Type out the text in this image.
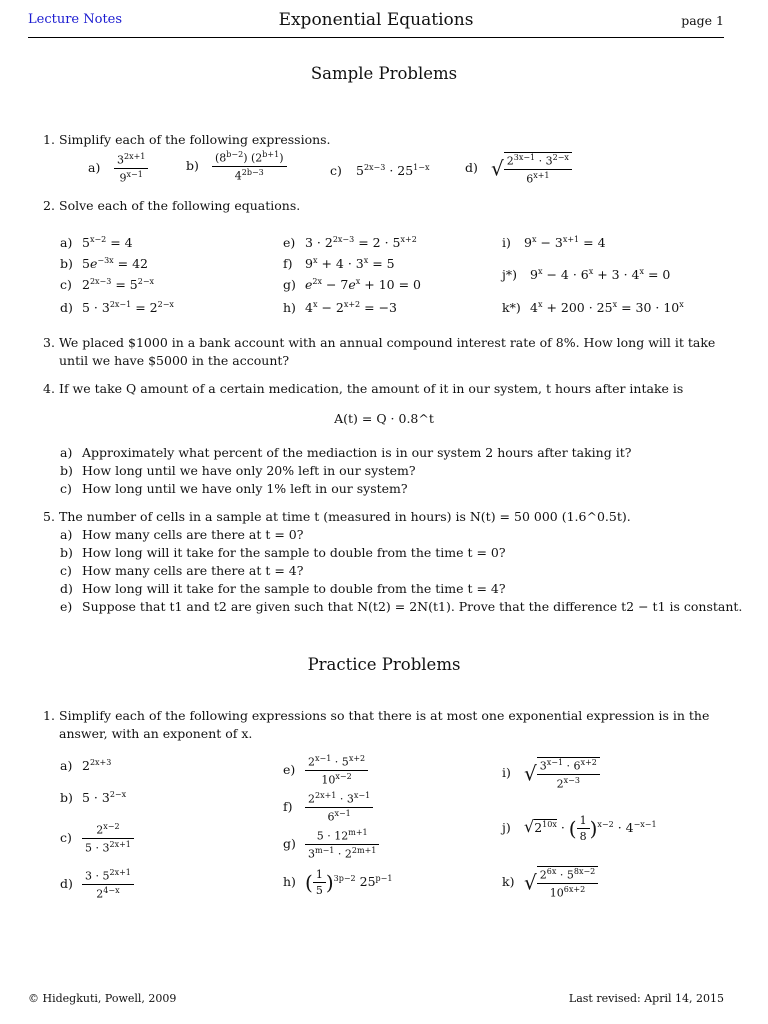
Lecture Notes	Exponential Equations	page 1
Sample Problems
1. Simplify each of the following expressions.
$a) \frac{3^{2x+1}}{9^{x-1}}$	$b) \frac{(8^{b-2}) (2^{b+1})}{4^{2b-3}}$	c) $5^{2x-3} \cdot 25^{1-x}$	d) √ $\frac{2^{3x-1} \cdot 3^{2-x}}{6^{x+1}}$
2. Solve each of the following equations.
a) $5^{x-2} = 4$
b) $5e^{-3x} = 42$
c) $2^{2x-3} = 5^{2-x}$
d) $5 \cdot 3^{2x-1} = 2^{2-x}$
e) $3 \cdot 2^{2x-3} = 2 \cdot 5^{x+2}$
f) $9^x + 4 \cdot 3^x = 5$
g) $e^{2x} - 7e^x + 10 = 0$
h) $4^x - 2^{x+2} = -3$
i) $9^x - 3^{x+1} = 4$
j*) $9^x - 4 \cdot 6^x + 3 \cdot 4^x = 0$
k*) $4^x + 200 \cdot 25^x = 30 \cdot 10^x$
3. We placed $1000 in a bank account with an annual compound interest rate of 8%. How long will it take until we have $5000 in the account?
4. If we take Q amount of a certain medication, the amount of it in our system, t hours after intake is
A(t) = Q · 0.8^t
a) Approximately what percent of the mediaction is in our system 2 hours after taking it?
b) How long until we have only 20% left in our system?
c) How long until we have only 1% left in our system?
5. The number of cells in a sample at time t (measured in hours) is N(t) = 50 000 (1.6^0.5t).
a) How many cells are there at t = 0?
b) How long will it take for the sample to double from the time t = 0?
c) How many cells are there at t = 4?
d) How long will it take for the sample to double from the time t = 4?
e) Suppose that t1 and t2 are given such that N(t2) = 2N(t1). Prove that the difference t2 − t1 is constant.
Practice Problems
1. Simplify each of the following expressions so that there is at most one exponential expression is in the answer, with an exponent of x.
a) $2^{2x+3}$
b) $5 \cdot 3^{2-x}$
$c) \frac{2^{x-2}}{5 \cdot 3^{2x+1}}$
$d) \frac{3 \cdot 5^{2x+1}}{2^{4-x}}$
$e) \frac{2^{x-1} \cdot 5^{x+2}}{10^{x-2}}$
$f) \frac{2^{2x+1} \cdot 3^{x-1}}{6^{x-1}}$
$g) \frac{5 \cdot 12^{m+1}}{3^{m-1} \cdot 2^{2m+1}}$
h) ( $\frac{1}{5} )^{3p-2}$ $25^{p-1}$
i) √ $\frac{3^{x-1} \cdot 6^{x+2}}{2^{x-3}}$
j) $√2^{10x}$ · ( $\frac{1}{8} )^{x-2} \cdot 4^{-x-1}$
k) √ $\frac{2^{6x} \cdot 5^{8x-2}}{10^{6x+2}}$
© Hidegkuti, Powell, 2009	Last revised: April 14, 2015
